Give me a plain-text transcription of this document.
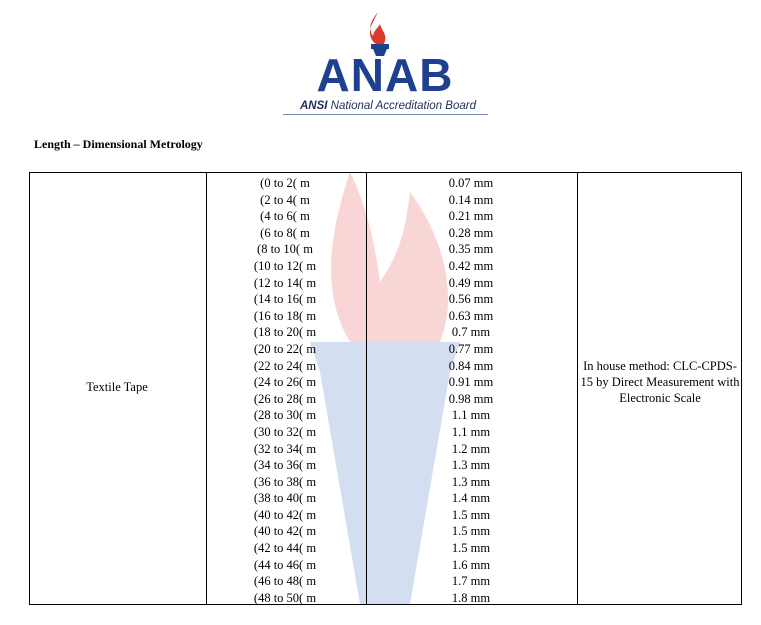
ANAB
ANSI National Accreditation Board
Length – Dimensional Metrology
Textile Tape
In house method: CLC-CPDS-15 by Direct Measurement with Electronic Scale
(0 to 2( m
(2 to 4( m
(4 to 6( m
(6 to 8( m
(8 to 10( m
(10 to 12( m
(12 to 14( m
(14 to 16( m
(16 to 18( m
(18 to 20( m
(20 to 22( m
(22 to 24( m
(24 to 26( m
(26 to 28( m
(28 to 30( m
(30 to 32( m
(32 to 34( m
(34 to 36( m
(36 to 38( m
(38 to 40( m
(40 to 42( m
(40 to 42( m
(42 to 44( m
(44 to 46( m
(46 to 48( m
(48 to 50( m
0.07 mm
0.14 mm
0.21 mm
0.28 mm
0.35 mm
0.42 mm
0.49 mm
0.56 mm
0.63 mm
0.7 mm
0.77 mm
0.84 mm
0.91 mm
0.98 mm
1.1 mm
1.1 mm
1.2 mm
1.3 mm
1.3 mm
1.4 mm
1.5 mm
1.5 mm
1.5 mm
1.6 mm
1.7 mm
1.8 mm
